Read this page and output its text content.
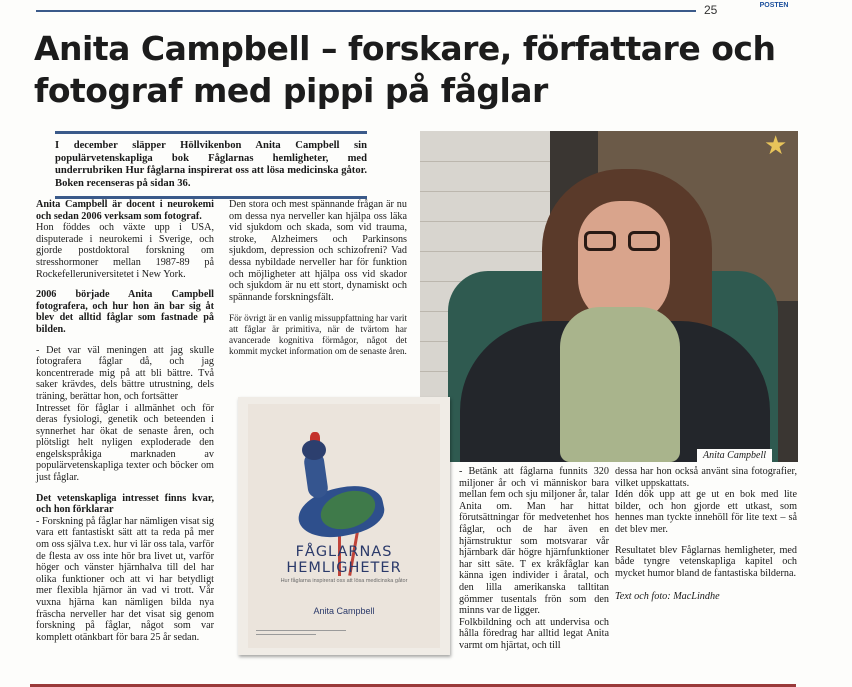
25	POSTEN
Anita Campbell – forskare, författare och fotograf med pippi på fåglar

I december släpper Höllvikenbon Anita Campbell sin populärvetenskapliga bok Fåglarnas hemligheter, med underrubriken Hur fåglarna inspirerat oss att lösa medicinska gåtor. Boken recenseras på sidan 36.

Anita Campbell är docent i neurokemi och sedan 2006 verksam som fotograf.

Hon föddes och växte upp i USA, disputerade i neurokemi i Sverige, och gjorde postdoktoral forskning om stresshormoner mellan 1987-89 på Rockefelleruniversitetet i New York.

2006 började Anita Campbell fotografera, och hur hon än bar sig åt blev det alltid fåglar som fastnade på bilden.

- Det var väl meningen att jag skulle fotografera fåglar då, och jag koncentrerade mig på att bli bättre. Två saker krävdes, dels bättre utrustning, dels träning, berättar hon, och fortsätter

Intresset för fåglar i allmänhet och för deras fysiologi, genetik och beteenden i synnerhet har ökat de senaste åren, och plötsligt helt nyligen exploderade den engelskspråkiga marknaden av populärvetenskapliga texter och böcker om just fåglar.

Det vetenskapliga intresset finns kvar, och hon förklarar

- Forskning på fåglar har nämligen visat sig vara ett fantastiskt sätt att ta reda på mer om oss själva t.ex. hur vi lär oss tala, varför de flesta av oss inte hör bra livet ut, varför höger och vänster hjärnhalva till del har olika funktioner och att vi har betydligt mer flexibla hjärnor än vad vi trott. Vår vuxna hjärna kan nämligen bilda nya fräscha nerveller har det visat sig genom forskning på fåglar, något som var komplett otänkbart för bara 25 år sedan.

Den stora och mest spännande frågan är nu om dessa nya nerveller kan hjälpa oss läka vid sjukdom och skada, som vid trauma, stroke, Alzheimers och Parkinsons sjukdom, depression och schizofreni? Vad dessa nybildade nerveller har för funktion och möjligheter att hjälpa oss vid skador och sjukdom är nu ett stort, dynamiskt och spännande forskningsfält.

För övrigt är en vanlig missuppfattning har varit att fåglar är primitiva, när de tvärtom har avancerade kognitiva förmågor, något det kommit mycket information om de senaste åren.

★
Anita Campbell
FÅGLARNAS
HEMLIGHETER
Hur fåglarna inspirerat oss att lösa medicinska gåtor
Anita Campbell

- Betänk att fåglarna funnits 320 miljoner år och vi människor bara mellan fem och sju miljoner år, talar Anita om. Man har hittat förutsättningar för medvetenhet hos fåglar, och de har även en hjärnstruktur som motsvarar vår hjärnbark där högre hjärnfunktioner har sitt säte. T ex kråkfåglar kan känna igen individer i åratal, och den lilla amerikanska talltitan gömmer tusentals frön som den minns var de ligger.

Folkbildning och att undervisa och hålla föredrag har alltid legat Anita varmt om hjärtat, och till

dessa har hon också använt sina fotografier, vilket uppskattats.

Idén dök upp att ge ut en bok med lite bilder, och hon gjorde ett utkast, som hennes man tyckte innehöll för lite text – så det blev mer.

Resultatet blev Fåglarnas hemligheter, med både tyngre vetenskapliga kapitel och mycket humor bland de fantastiska bilderna.

Text och foto: MacLindhe
